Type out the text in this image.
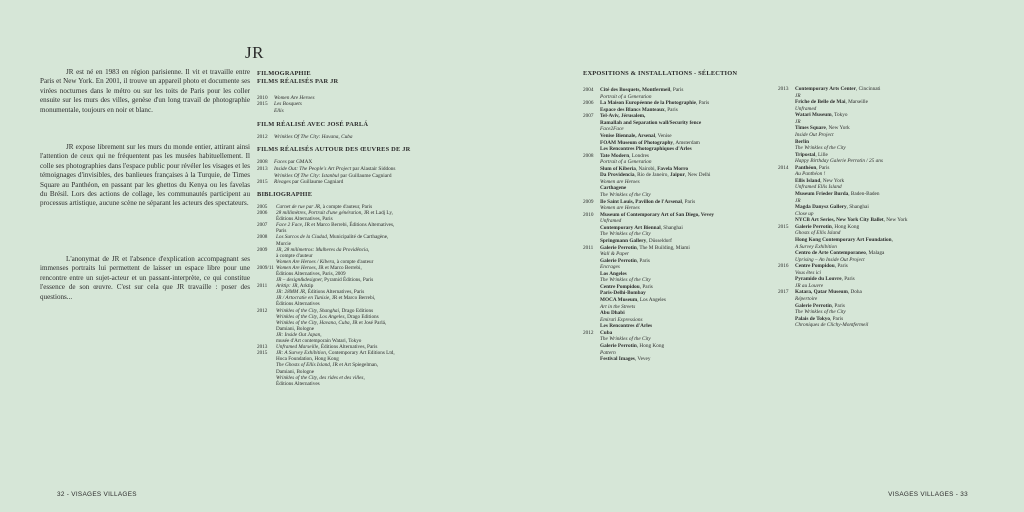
JR

JR est né en 1983 en région parisienne. Il vit et travaille entre Paris et New York. En 2001, il trouve un appareil photo et documente ses virées nocturnes dans le métro ou sur les toits de Paris pour les coller ensuite sur les murs des villes, genèse d'un long travail de photographie monumentale, toujours en noir et blanc.

JR expose librement sur les murs du monde entier, attirant ainsi l'attention de ceux qui ne fréquentent pas les musées habituellement. Il colle ses photographies dans l'espace public pour révéler les visages et les témoignages d'invisibles, des banlieues françaises à la Turquie, de Times Square au Panthéon, en passant par les ghettos du Kenya ou les favelas du Brésil. Lors des actions de collage, les communautés participent au processus artistique, aucune scène ne séparant les acteurs des spectateurs.

L'anonymat de JR et l'absence d'explication accompagnant ses immenses portraits lui permettent de laisser un espace libre pour une rencontre entre un sujet-acteur et un passant-interprète, ce qui constitue l'essence de son œuvre. C'est sur cela que JR travaille : poser des questions...

FILMOGRAPHIE
FILMS RÉALISÉS PAR JR
2010 Women Are Heroes
2015 Les Bosquets
Ellis
FILM RÉALISÉ AVEC JOSÉ PARLÁ
2012 Wrinkles Of The City: Havana, Cuba
FILMS RÉALISÉS AUTOUR DES ŒUVRES DE JR
2008 Faces par GMAX
2013 Inside Out: The People's Art Project par Alastair Siddons
Wrinkles Of The City: Istanbul par Guillaume Cagniard
2015 Rivages par Guillaume Cagniard
BIBLIOGRAPHIE
2005 Carnet de rue par JR, à compte d'auteur, Paris
2006 28 millimètres, Portrait d'une génération, JR et Ladj Ly,
Éditions Alternatives, Paris
2007 Face 2 Face, JR et Marco Berrebi, Éditions Alternatives,
Paris
2008 Los Surcos de la Ciudad, Municipalité de Carthagène,
Murcie
2009 JR, 28 milímetros: Mulheres da Providência,
à compte d'auteur
Women Are Heroes / Kibera, à compte d'auteur
2009/11 Women Are Heroes, JR et Marco Berrebi,
Éditions Alternatives, Paris, 2009
JR – design&designer, Pyramid Éditions, Paris
2011 Arktip: JR, Arktip
JR: 28MM JR, Éditions Alternatives, Paris
JR / Artocratie en Tunisie, JR et Marco Berrebi,
Éditions Alternatives
2012 Wrinkles of the City, Shanghai, Drago Editions
Wrinkles of the City, Los Angeles, Drago Editions
Wrinkles of the City, Havana, Cuba, JR et José Parlá,
Damiani, Bologne
JR: Inside Out Japan,
musée d'Art contemporain Watari, Tokyo
2013 Unframed Marseille, Éditions Alternatives, Paris
2015 JR: A Survey Exhibition, Contemporary Art Editions Ltd,
Hoca Foundation, Hong Kong
The Ghosts of Ellis Island, JR et Art Spiegelman,
Damiani, Bologne
Wrinkles of the City, des rides et des villes,
Éditions Alternatives
EXPOSITIONS & INSTALLATIONS - SÉLECTION
2004 Cité des Bosquets, Montfermeil, Paris
Portrait of a Generation
2006 La Maison Européenne de la Photographie, Paris
Espace des Blancs Manteaux, Paris
2007 Tel-Aviv, Jérusalem,
Ramallah and Separation wall/Security fence
Face2Face
Venise Biennale, Arsenal, Venise
FOAM Museum of Photography, Amsterdam
Les Rencontres Photographiques d'Arles
2008 Tate Modern, Londres
Portrait of a Generation
Slum of Kiberia, Nairobi, Favela Morro
Da Providencia, Rio de Janeiro, Jaipur, New Delhi
Women are Heroes
Carthagene
The Wrinkles of the City
2009 Ile Saint Louis, Pavillon de l'Arsenal, Paris
Women are Heroes
2010 Museum of Contemporary Art of San Diego, Vevey
Unframed
Contemporary Art Biennal, Shanghai
The Wrinkles of the City
Springmann Gallery, Düsseldorf
2011 Galerie Perrotin, The M Building, Miami
Wall & Paper
Galerie Perrotin, Paris
Encrages
Los Angeles
The Wrinkles of the City
Centre Pompidou, Paris
Paris-Delhi-Bombay
MOCA Museum, Los Angeles
Art in the Streets
Abu Dhabi
Emirati Expressions
Les Rencontres d'Arles
2012 Cuba
The Wrinkles of the City
Galerie Perrotin, Hong Kong
Pattern
Festival Images, Vevey
2013 Contemporary Arts Center, Cincinnati
JR
Friche de Belle de Mai, Marseille
Unframed
Watari Museum, Tokyo
JR
Times Square, New York
Inside Out Project
Berlin
The Wrinkles of the City
Tripostal, Lille
Happy Birthday Galerie Perrotin / 25 ans
2014 Panthéon, Paris
Au Panthéon !
Ellis Island, New York
Unframed Ellis Island
Museum Frieder Burda, Baden-Baden
JR
Magda Danysz Gallery, Shanghai
Close up
NYCB Art Series, New York City Ballet, New York
2015 Galerie Perrotin, Hong Kong
Ghosts of Ellis Island
Hong Kong Contemporary Art Foundation,
A Survey Exhibition
Centro de Arte Contemporaneo, Malaga
Uprising – An Inside Out Project
2016 Centre Pompidou, Paris
Vous êtes ici
Pyramide du Louvre, Paris
JR au Louvre
2017 Katara, Qatar Museum, Doha
Répertoire
Galerie Perrotin, Paris
The Wrinkles of the City
Palais de Tokyo, Paris
Chroniques de Clichy-Montfermeil
32 - VISAGES VILLAGES	VISAGES VILLAGES - 33
